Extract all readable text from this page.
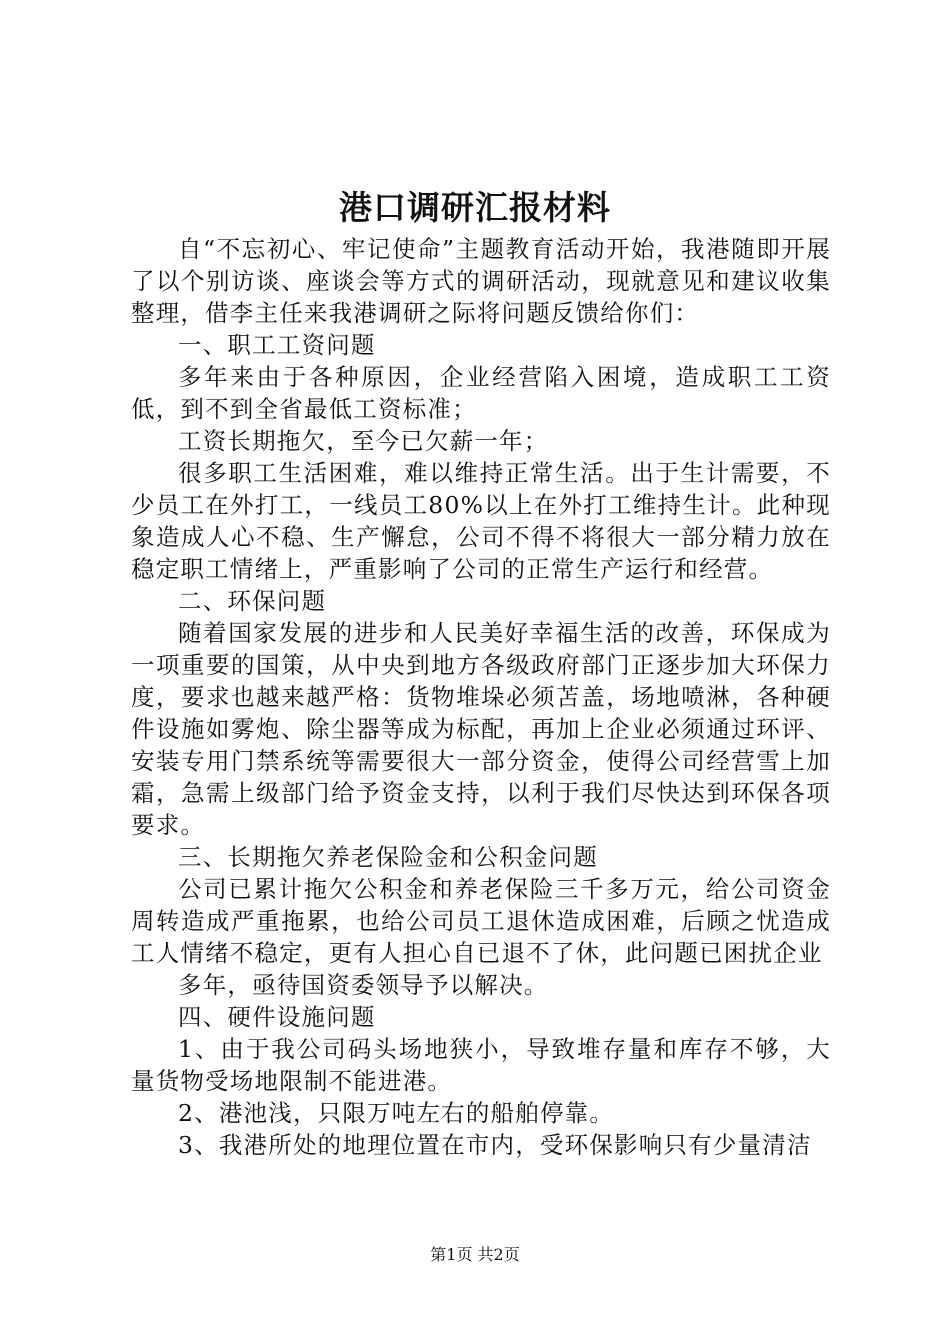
港口调研汇报材料

自“不忘初心、牢记使命”主题教育活动开始，我港随即开展了以个别访谈、座谈会等方式的调研活动，现就意见和建议收集整理，借李主任来我港调研之际将问题反馈给你们：

一、职工工资问题

多年来由于各种原因，企业经营陷入困境，造成职工工资低，到不到全省最低工资标准；

工资长期拖欠，至今已欠薪一年；

很多职工生活困难，难以维持正常生活。出于生计需要，不少员工在外打工，一线员工80%以上在外打工维持生计。此种现象造成人心不稳、生产懈怠，公司不得不将很大一部分精力放在稳定职工情绪上，严重影响了公司的正常生产运行和经营。

二、环保问题

随着国家发展的进步和人民美好幸福生活的改善，环保成为一项重要的国策，从中央到地方各级政府部门正逐步加大环保力度，要求也越来越严格：货物堆垛必须苫盖，场地喷淋，各种硬件设施如雾炮、除尘器等成为标配，再加上企业必须通过环评、安装专用门禁系统等需要很大一部分资金，使得公司经营雪上加霜，急需上级部门给予资金支持，以利于我们尽快达到环保各项要求。

三、长期拖欠养老保险金和公积金问题

公司已累计拖欠公积金和养老保险三千多万元，给公司资金周转造成严重拖累，也给公司员工退休造成困难，后顾之忧造成工人情绪不稳定，更有人担心自已退不了休，此问题已困扰企业

多年，亟待国资委领导予以解决。

四、硬件设施问题

1、由于我公司码头场地狭小，导致堆存量和库存不够，大量货物受场地限制不能进港。

2、港池浅，只限万吨左右的船舶停靠。

3、我港所处的地理位置在市内，受环保影响只有少量清洁

第1页 共2页
